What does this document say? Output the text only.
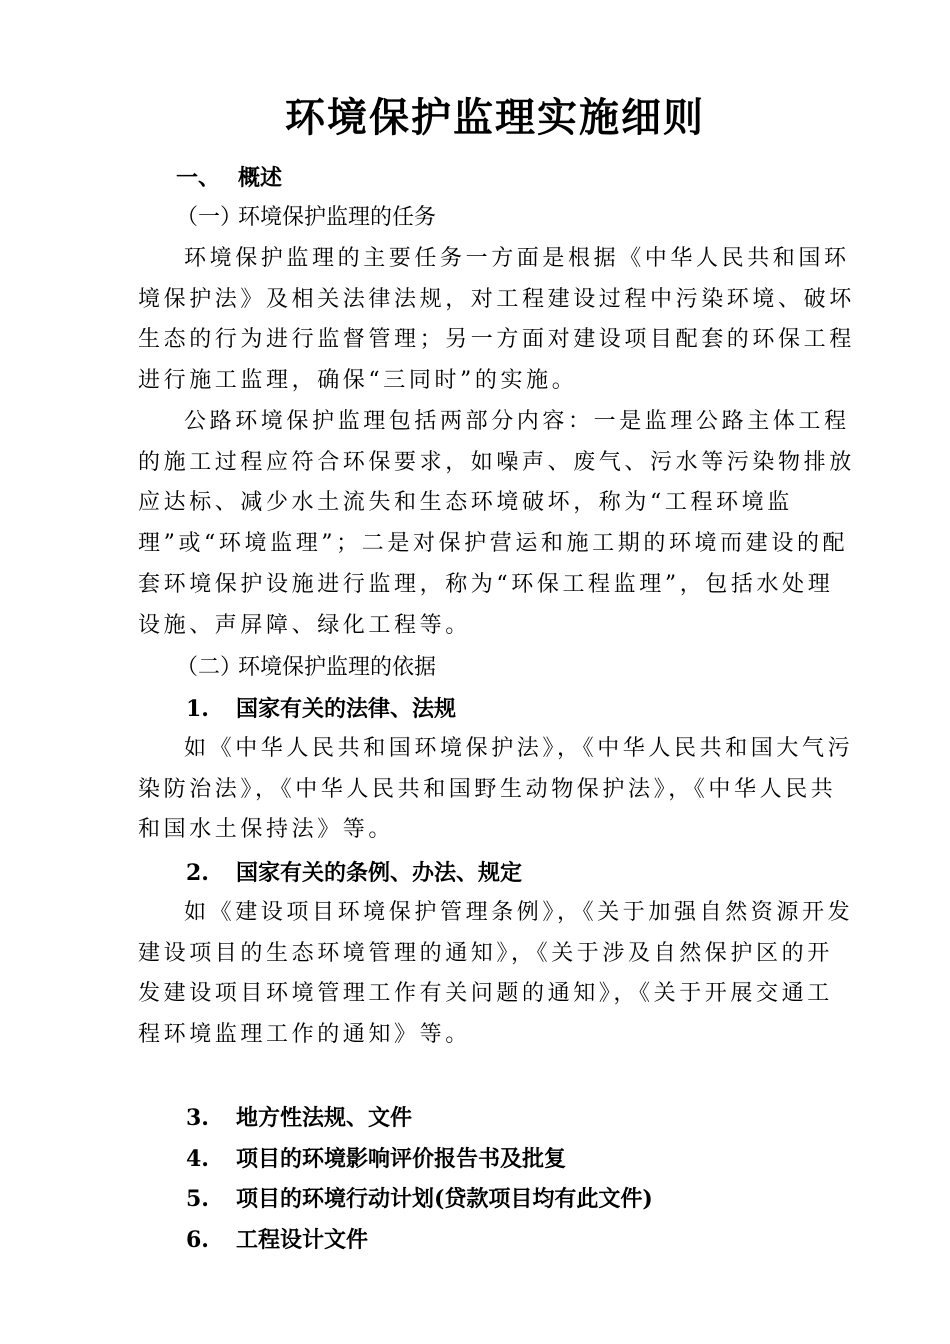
环境保护监理实施细则
一、 概述
（一）环境保护监理的任务
环境保护监理的主要任务一方面是根据《中华人民共和国环境保护法》及相关法律法规，对工程建设过程中污染环境、破坏生态的行为进行监督管理；另一方面对建设项目配套的环保工程进行施工监理，确保“三同时”的实施。
公路环境保护监理包括两部分内容：一是监理公路主体工程的施工过程应符合环保要求，如噪声、废气、污水等污染物排放应达标、减少水土流失和生态环境破坏，称为“工程环境监理”或“环境监理”；二是对保护营运和施工期的环境而建设的配套环境保护设施进行监理，称为“环保工程监理”，包括水处理设施、声屏障、绿化工程等。
（二）环境保护监理的依据
1. 国家有关的法律、法规
如《中华人民共和国环境保护法》，《中华人民共和国大气污染防治法》，《中华人民共和国野生动物保护法》，《中华人民共和国水土保持法》等。
2. 国家有关的条例、办法、规定
如《建设项目环境保护管理条例》，《关于加强自然资源开发建设项目的生态环境管理的通知》，《关于涉及自然保护区的开发建设项目环境管理工作有关问题的通知》，《关于开展交通工程环境监理工作的通知》等。
3. 地方性法规、文件
4. 项目的环境影响评价报告书及批复
5. 项目的环境行动计划(贷款项目均有此文件)
6. 工程设计文件
